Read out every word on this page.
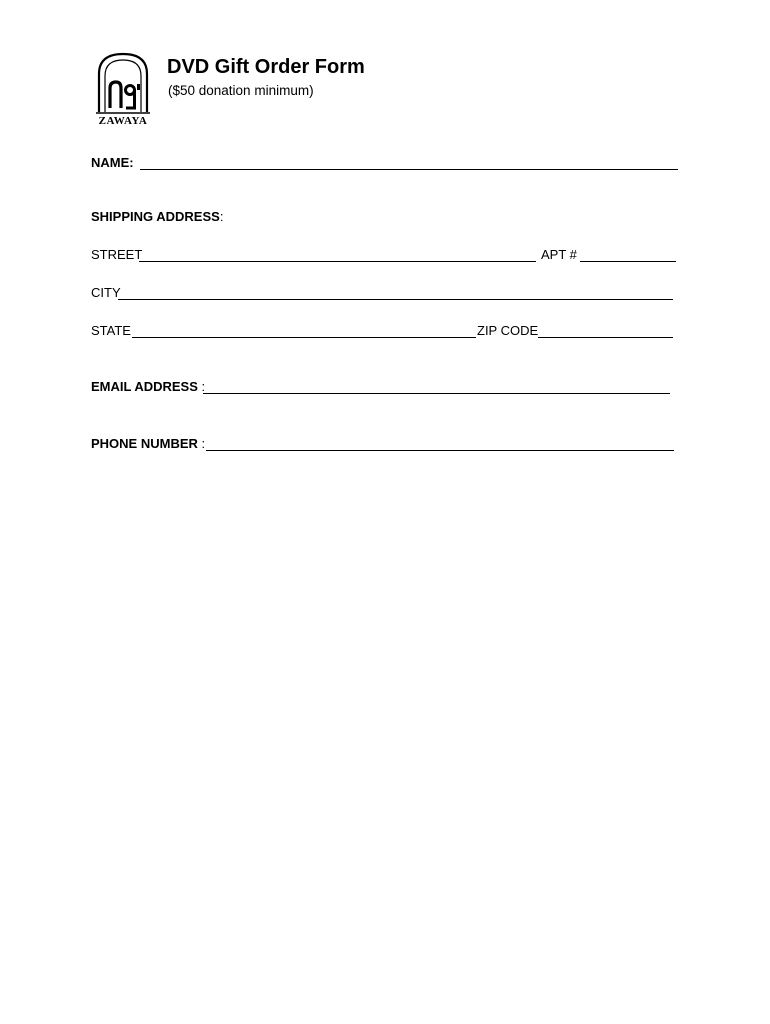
ZAWAYA
DVD Gift Order Form
($50 donation minimum)
NAME:
SHIPPING ADDRESS:
STREET	APT #
CITY
STATE	ZIP CODE
EMAIL ADDRESS :
PHONE NUMBER :
